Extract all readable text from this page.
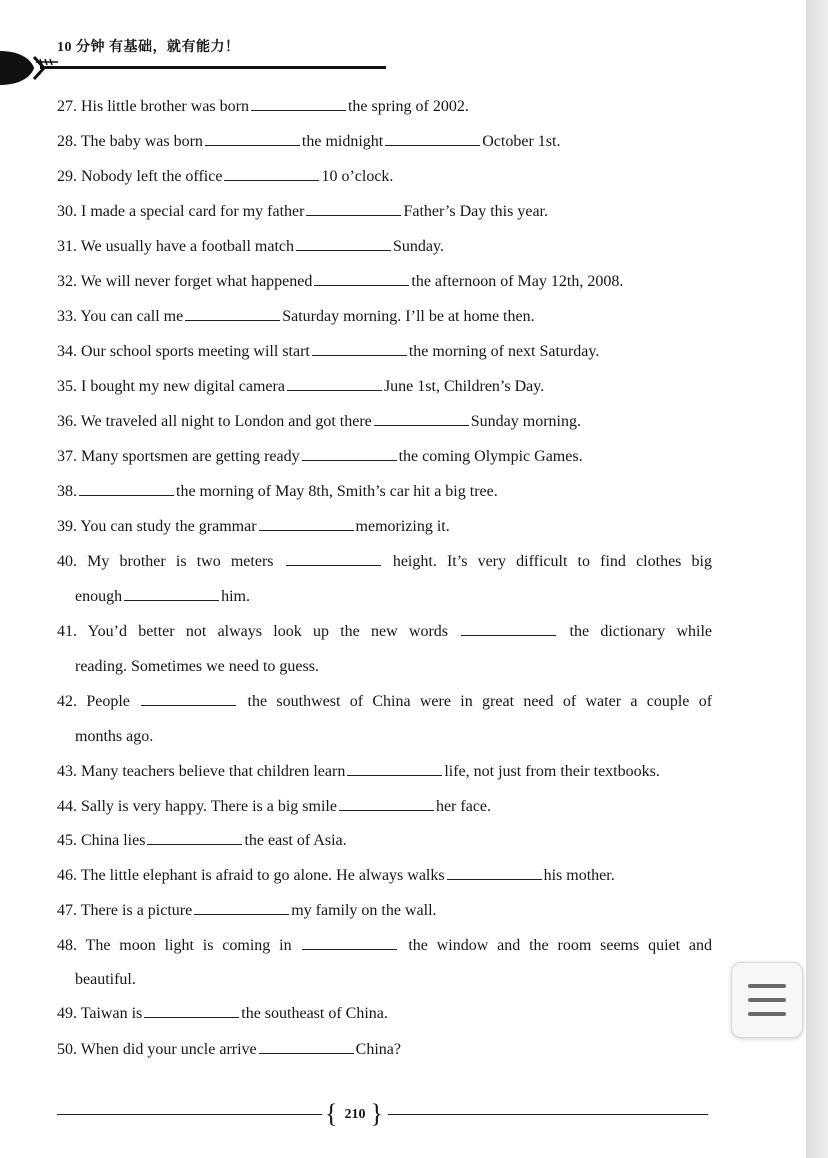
10 分钟 有基础，就有能力！
27. His little brother was born	the spring of 2002.
28. The baby was born	the midnight	October 1st.
29. Nobody left the office	10 o’clock.
30. I made a special card for my father	Father’s Day this year.
31. We usually have a football match	Sunday.
32. We will never forget what happened	the afternoon of May 12th, 2008.
33. You can call me	Saturday morning. I’ll be at home then.
34. Our school sports meeting will start	the morning of next Saturday.
35. I bought my new digital camera	June 1st, Children’s Day.
36. We traveled all night to London and got there	Sunday morning.
37. Many sportsmen are getting ready	the coming Olympic Games.
38.	the morning of May 8th, Smith’s car hit a big tree.
39. You can study the grammar	memorizing it.
40. My brother is two meters	height. It’s very difficult to find clothes big
enough	him.
41. You’d better not always look up the new words	the dictionary while
reading. Sometimes we need to guess.
42. People	the southwest of China were in great need of water a couple of
months ago.
43. Many teachers believe that children learn	life, not just from their textbooks.
44. Sally is very happy. There is a big smile	her face.
45. China lies	the east of Asia.
46. The little elephant is afraid to go alone. He always walks	his mother.
47. There is a picture	my family on the wall.
48. The moon light is coming in	the window and the room seems quiet and
beautiful.
49. Taiwan is	the southeast of China.
50. When did your uncle arrive	China?
{ 210 }
